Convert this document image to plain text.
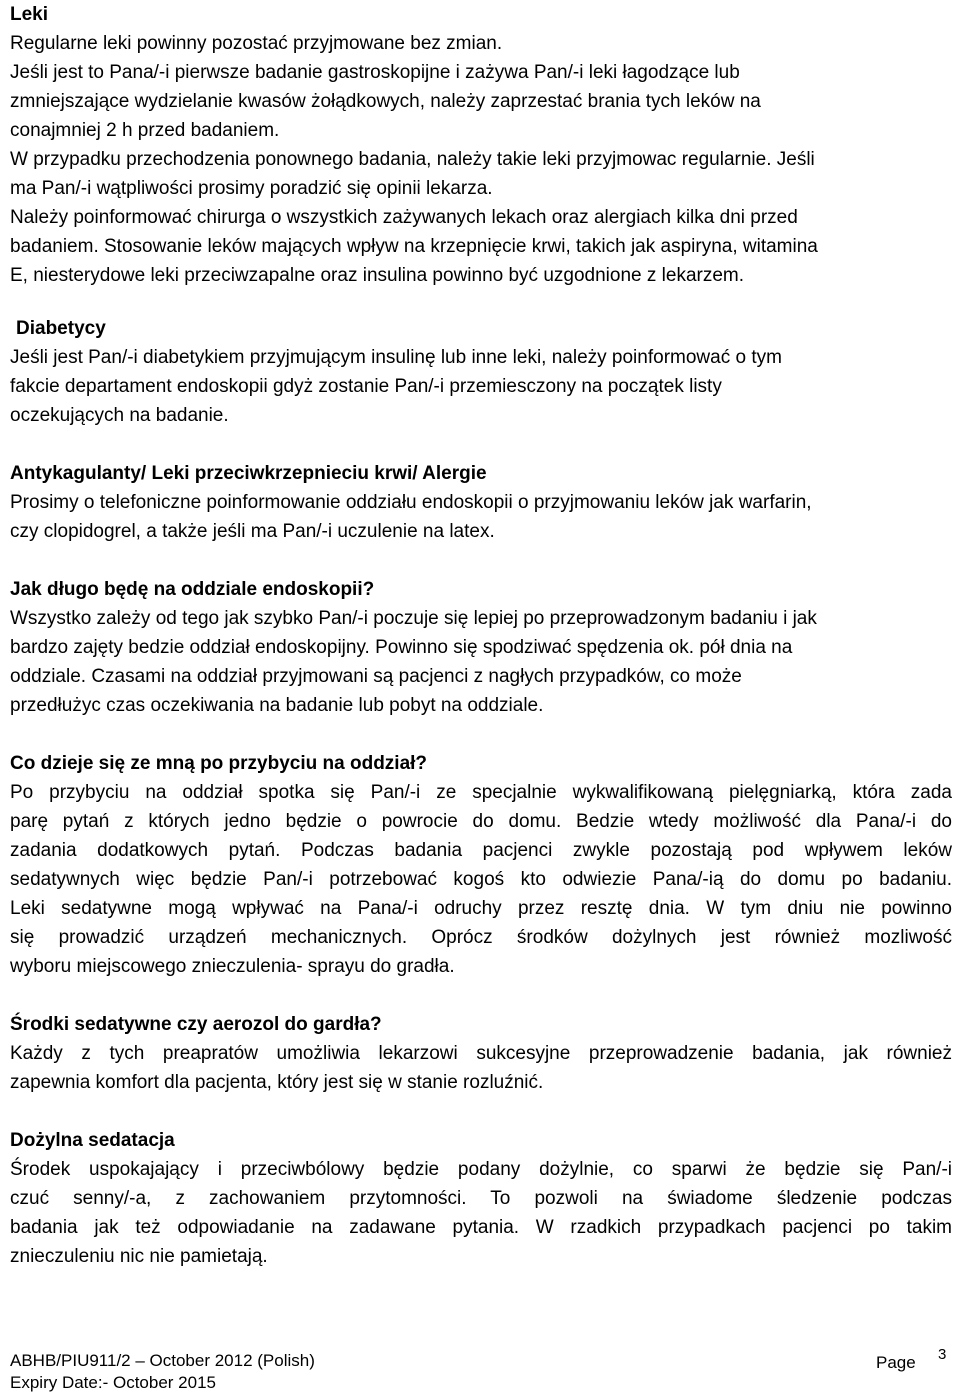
Leki
Regularne leki powinny pozostać przyjmowane bez zmian.
Jeśli jest to Pana/-i pierwsze badanie gastroskopijne i zażywa Pan/-i leki łagodzące lub
zmniejszające wydzielanie kwasów żołądkowych, należy zaprzestać brania tych leków na
conajmniej 2 h przed badaniem.
W przypadku przechodzenia ponownego badania, należy takie leki przyjmowac regularnie. Jeśli
ma Pan/-i wątpliwości prosimy poradzić się opinii lekarza.
Należy poinformować chirurga o wszystkich zażywanych lekach oraz alergiach kilka dni przed
badaniem. Stosowanie leków mających wpływ na krzepnięcie krwi, takich jak aspiryna, witamina
E, niesterydowe leki przeciwzapalne oraz insulina powinno być uzgodnione z lekarzem.
Diabetycy
Jeśli jest Pan/-i diabetykiem przyjmującym insulinę lub inne leki, należy poinformować o tym
fakcie departament endoskopii gdyż zostanie Pan/-i przemiesczony na początek listy
oczekujących na badanie.
Antykagulanty/ Leki przeciwkrzepnieciu krwi/ Alergie
Prosimy o telefoniczne poinformowanie oddziału endoskopii o przyjmowaniu leków jak warfarin,
czy clopidogrel, a także jeśli ma Pan/-i uczulenie na latex.
Jak długo będę na oddziale endoskopii?
Wszystko zależy od tego jak szybko Pan/-i poczuje się lepiej po przeprowadzonym badaniu i jak
bardzo zajęty bedzie oddział endoskopijny. Powinno się spodziwać spędzenia ok. pół dnia na
oddziale. Czasami na oddział przyjmowani są pacjenci z nagłych przypadków, co może
przedłużyc czas oczekiwania na badanie lub pobyt na oddziale.
Co dzieje się ze mną po przybyciu na oddział?
Po przybyciu na oddział spotka się Pan/-i ze specjalnie wykwalifikowaną pielęgniarką, która zada
parę pytań z których jedno będzie o powrocie do domu. Bedzie wtedy możliwość dla Pana/-i do
zadania dodatkowych pytań. Podczas badania pacjenci zwykle pozostają pod wpływem leków
sedatywnych więc będzie Pan/-i potrzebować kogoś kto odwiezie Pana/-ią do domu po badaniu.
Leki sedatywne mogą wpływać na Pana/-i odruchy przez resztę dnia. W tym dniu nie powinno
się prowadzić urządzeń mechanicznych. Oprócz środków dożylnych jest również mozliwość
wyboru miejscowego znieczulenia- sprayu do gradła.
Środki sedatywne czy aerozol do gardła?
Każdy z tych preapratów umożliwia lekarzowi sukcesyjne przeprowadzenie badania, jak również
zapewnia komfort dla pacjenta, który jest się w stanie rozluźnić.
Dożylna sedatacja
Środek uspokajający i przeciwbólowy będzie podany dożylnie, co sparwi że będzie się Pan/-i
czuć senny/-a, z zachowaniem przytomności. To pozwoli na świadome śledzenie podczas
badania jak też odpowiadanie na zadawane pytania. W rzadkich przypadkach pacjenci po takim
znieczuleniu nic nie pamietają.
ABHB/PIU911/2 – October 2012 (Polish)
Expiry Date:- October 2015
Page 3
